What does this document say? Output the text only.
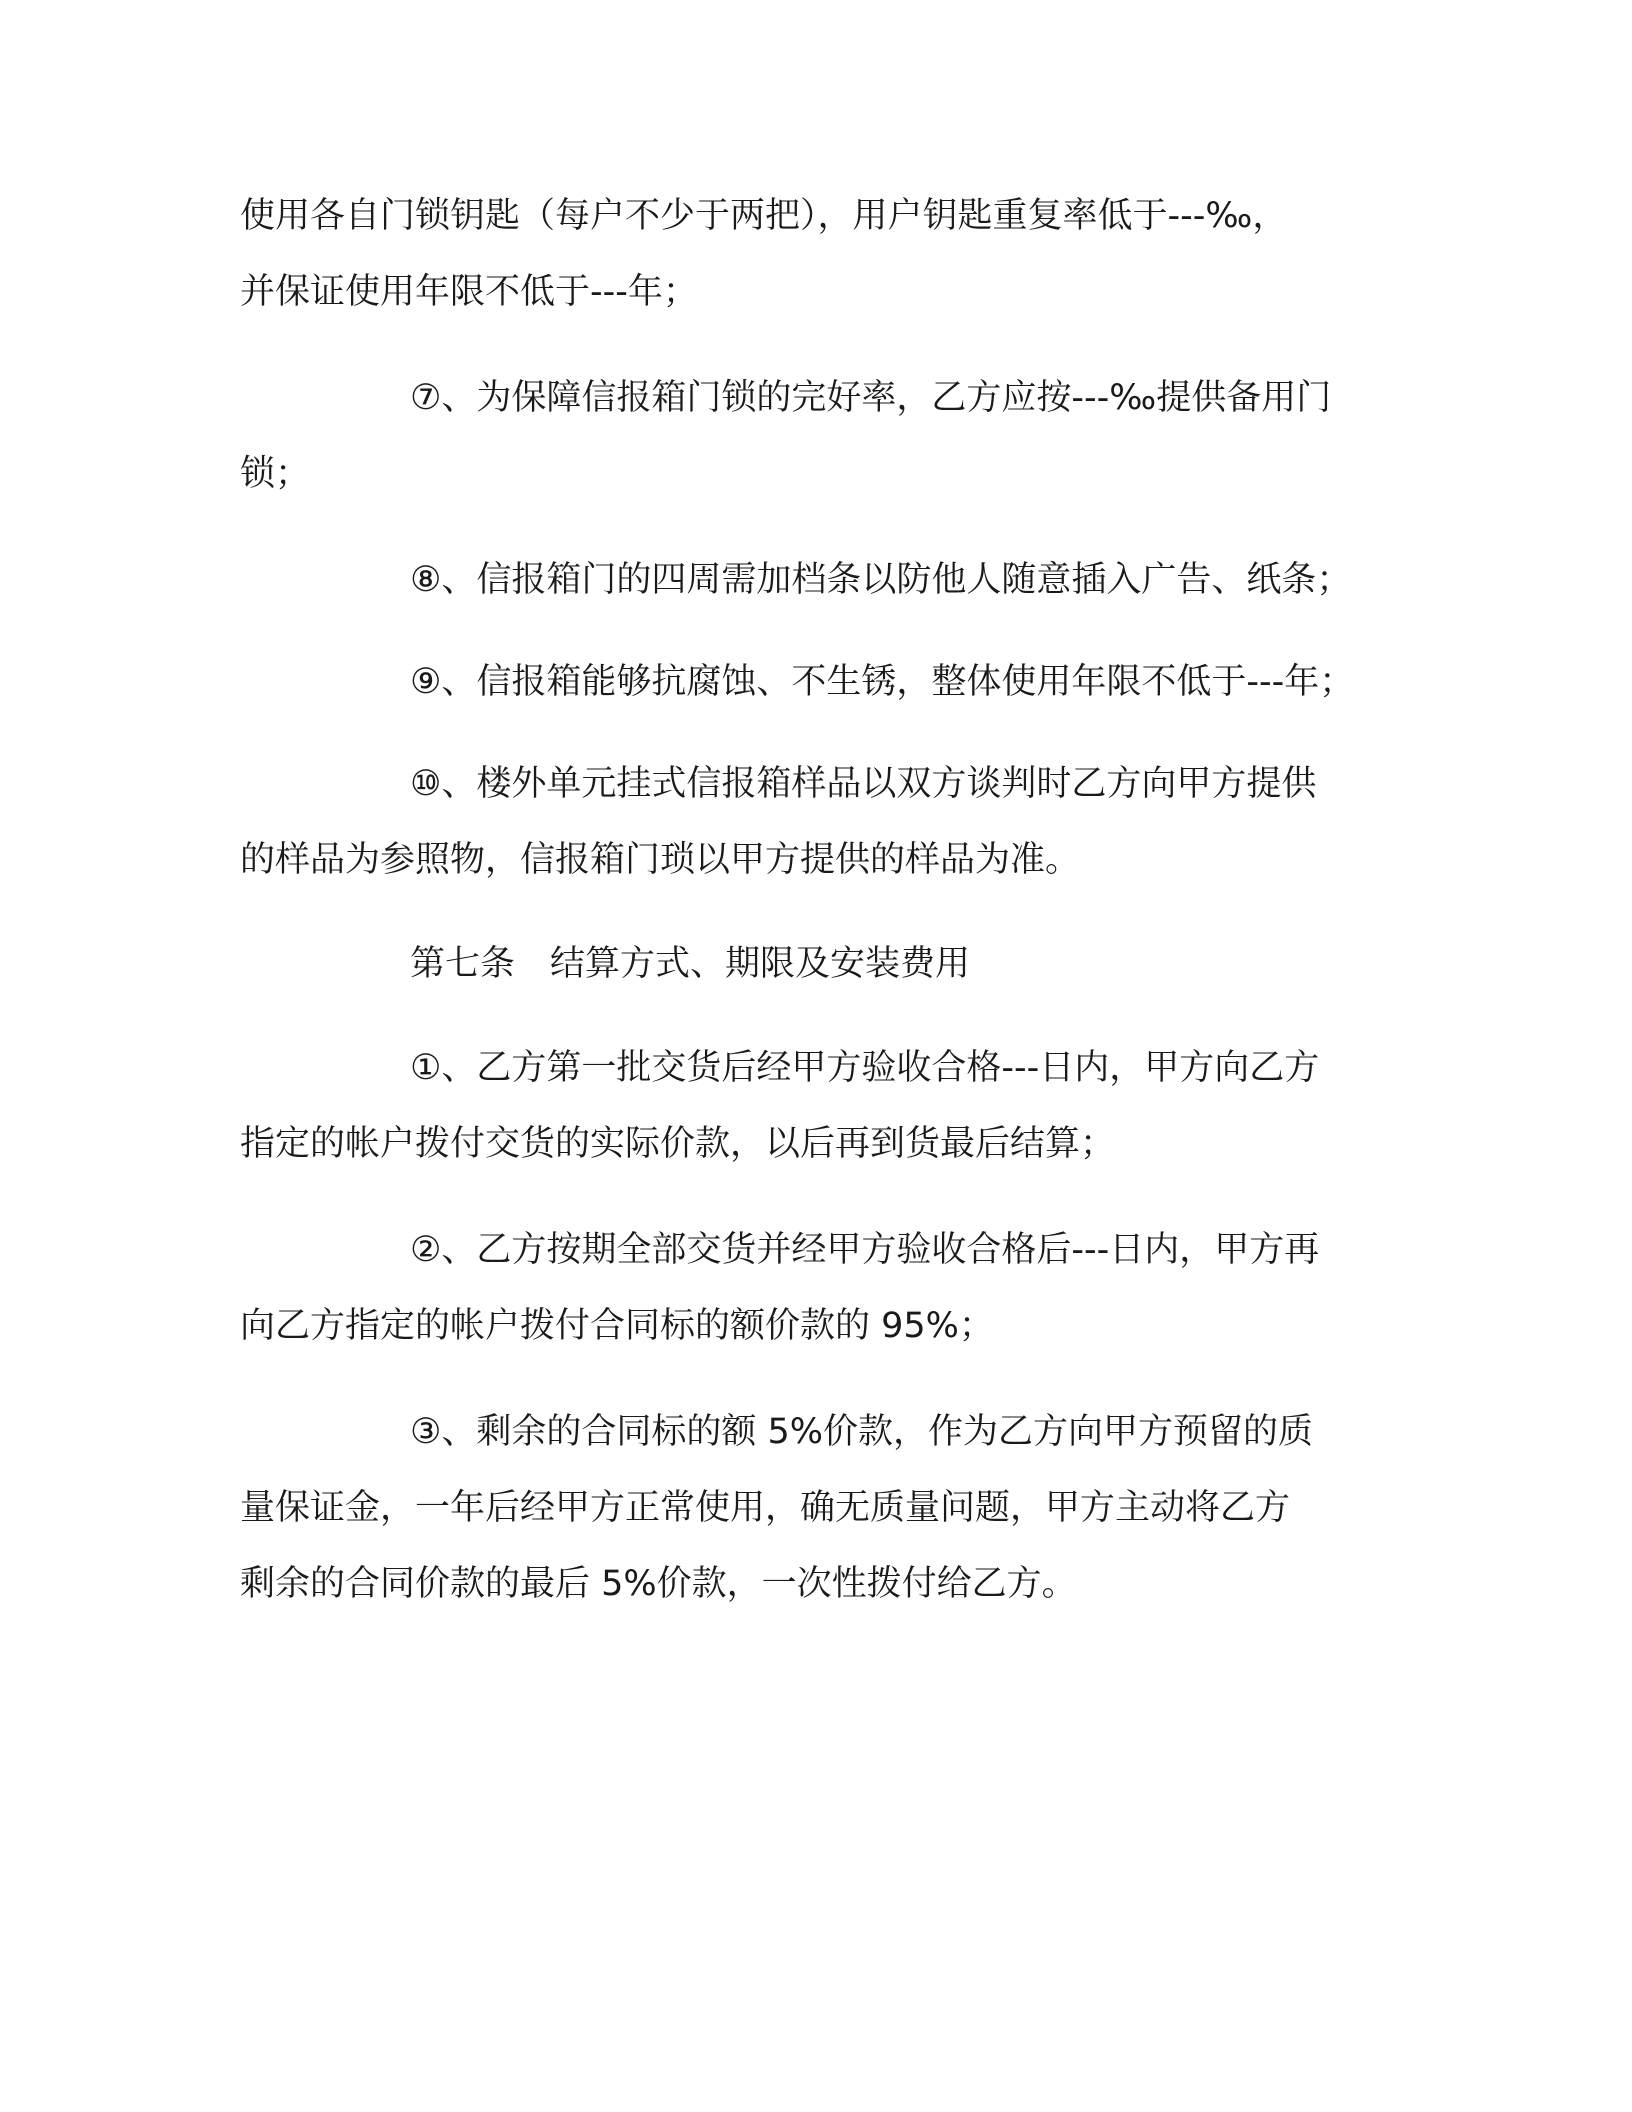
使用各自门锁钥匙（每户不少于两把），用户钥匙重复率低于---‰，
并保证使用年限不低于---年；
⑦、为保障信报箱门锁的完好率，乙方应按---‰提供备用门
锁；
⑧、信报箱门的四周需加档条以防他人随意插入广告、纸条；
⑨、信报箱能够抗腐蚀、不生锈，整体使用年限不低于---年；
⑩、楼外单元挂式信报箱样品以双方谈判时乙方向甲方提供
的样品为参照物，信报箱门琐以甲方提供的样品为准。
第七条　结算方式、期限及安装费用
①、乙方第一批交货后经甲方验收合格---日内，甲方向乙方
指定的帐户拨付交货的实际价款，以后再到货最后结算；
②、乙方按期全部交货并经甲方验收合格后---日内，甲方再
向乙方指定的帐户拨付合同标的额价款的 95%；
③、剩余的合同标的额 5%价款，作为乙方向甲方预留的质
量保证金，一年后经甲方正常使用，确无质量问题，甲方主动将乙方
剩余的合同价款的最后 5%价款，一次性拨付给乙方。
